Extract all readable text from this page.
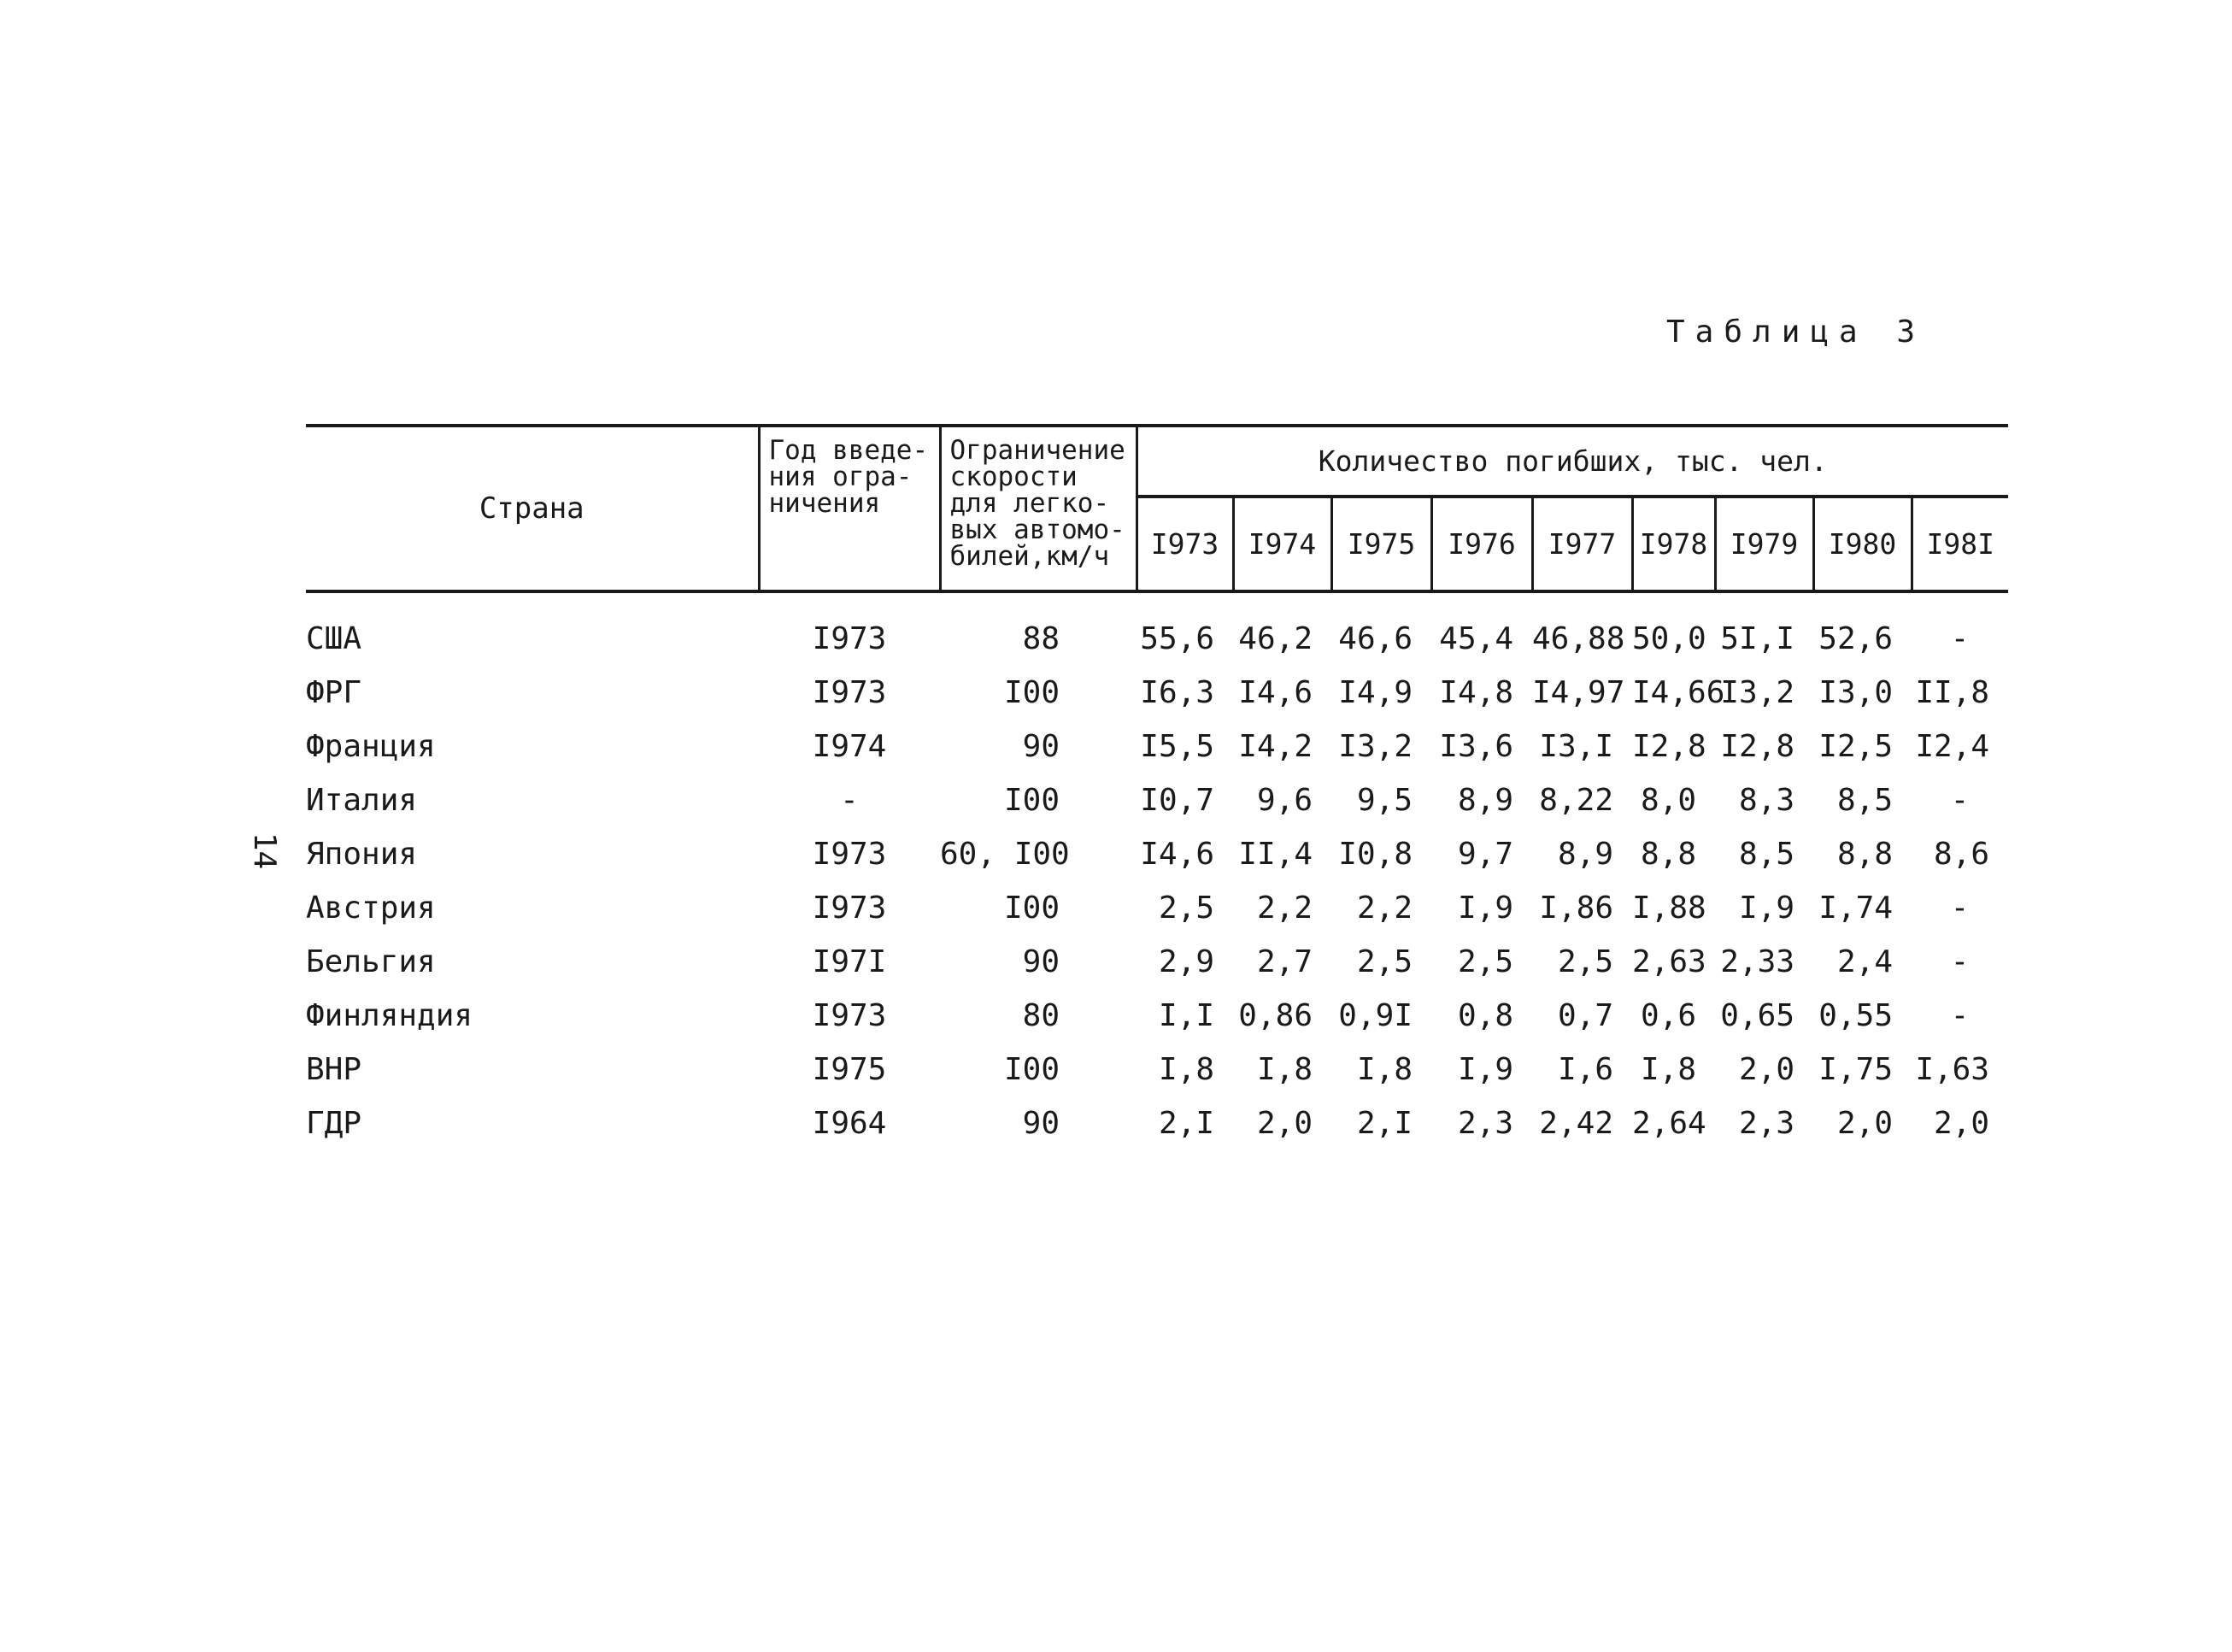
Таблица 3
14
Страна	Год введе-ния огра-ничения	Ограничение скорости для легко-вых автомо-билей,км/ч	Количество погибших, тыс. чел.								
			I973	I974	I975	I976	I977	I978	I979	I980	I98I
США	I973	88	55,6	46,2	46,6	45,4	46,88	50,0	5I,I	52,6	-
ФРГ	I973	I00	I6,3	I4,6	I4,9	I4,8	I4,97	I4,66	I3,2	I3,0	II,8
Франция	I974	90	I5,5	I4,2	I3,2	I3,6	I3,I	I2,8	I2,8	I2,5	I2,4
Италия	-	I00	I0,7	9,6	9,5	8,9	8,22	8,0	8,3	8,5	-
Япония	I973	60, I00	I4,6	II,4	I0,8	9,7	8,9	8,8	8,5	8,8	8,6
Австрия	I973	I00	2,5	2,2	2,2	I,9	I,86	I,88	I,9	I,74	-
Бельгия	I97I	90	2,9	2,7	2,5	2,5	2,5	2,63	2,33	2,4	-
Финляндия	I973	80	I,I	0,86	0,9I	0,8	0,7	0,6	0,65	0,55	-
ВНР	I975	I00	I,8	I,8	I,8	I,9	I,6	I,8	2,0	I,75	I,63
ГДР	I964	90	2,I	2,0	2,I	2,3	2,42	2,64	2,3	2,0	2,0
